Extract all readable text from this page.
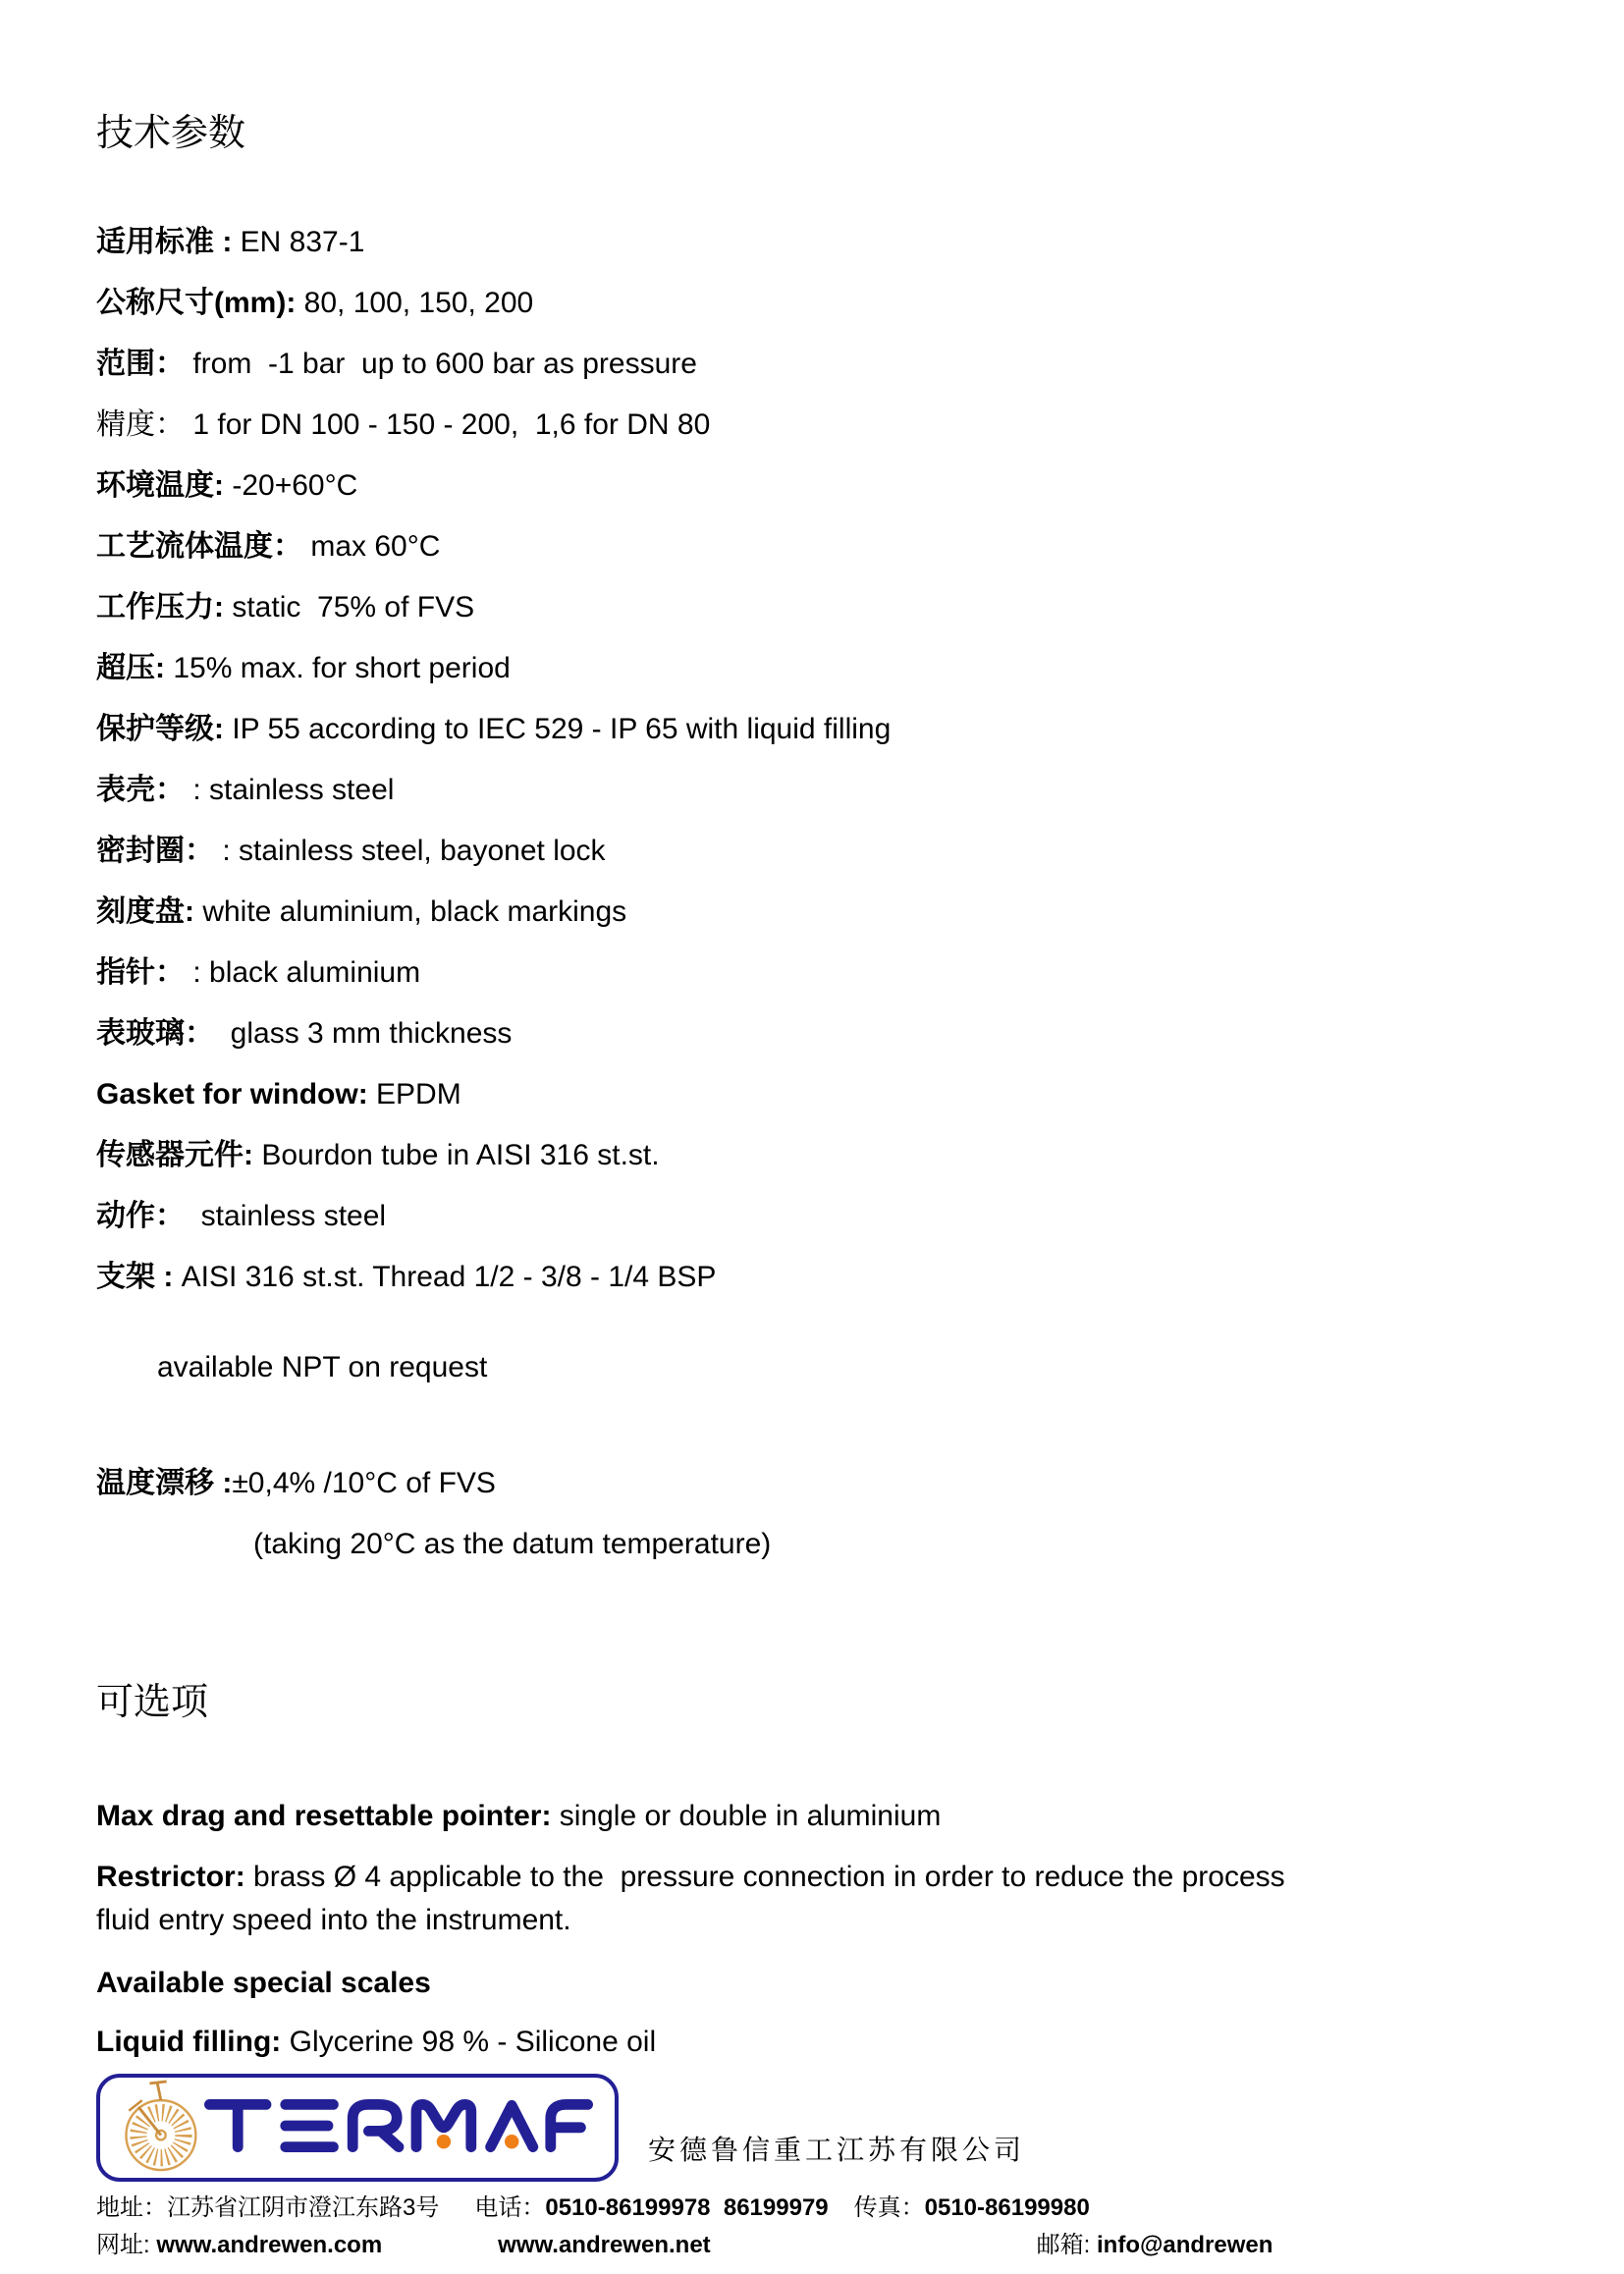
技术参数
适用标准 : EN 837-1
公称尺寸(mm): 80, 100, 150, 200
范围： from  -1 bar  up to 600 bar as pressure
精度： 1 for DN 100 - 150 - 200,  1,6 for DN 80
环境温度: -20+60°C
工艺流体温度： max 60°C
工作压力: static  75% of FVS
超压: 15% max. for short period
保护等级: IP 55 according to IEC 529 - IP 65 with liquid filling
表壳： : stainless steel
密封圈： : stainless steel, bayonet lock
刻度盘: white aluminium, black markings
指针： : black aluminium
表玻璃：  glass 3 mm thickness
Gasket for window: EPDM
传感器元件: Bourdon tube in AISI 316 st.st.
动作：  stainless steel
支架 : AISI 316 st.st. Thread 1/2 - 3/8 - 1/4 BSP
available NPT on request
温度漂移 :±0,4% /10°C of FVS
(taking 20°C as the datum temperature)
可选项
Max drag and resettable pointer: single or double in aluminium
Restrictor: brass Ø 4 applicable to the  pressure connection in order to reduce the process fluid entry speed into the instrument.
Available special scales
Liquid filling: Glycerine 98 % - Silicone oil
安德鲁信重工江苏有限公司
地址： 江苏省江阴市澄江东路3号 电话： 0510-86199978  86199979 传真： 0510-86199980
网址: www.andrewen.com	www.andrewen.net	邮箱: info@andrewen
